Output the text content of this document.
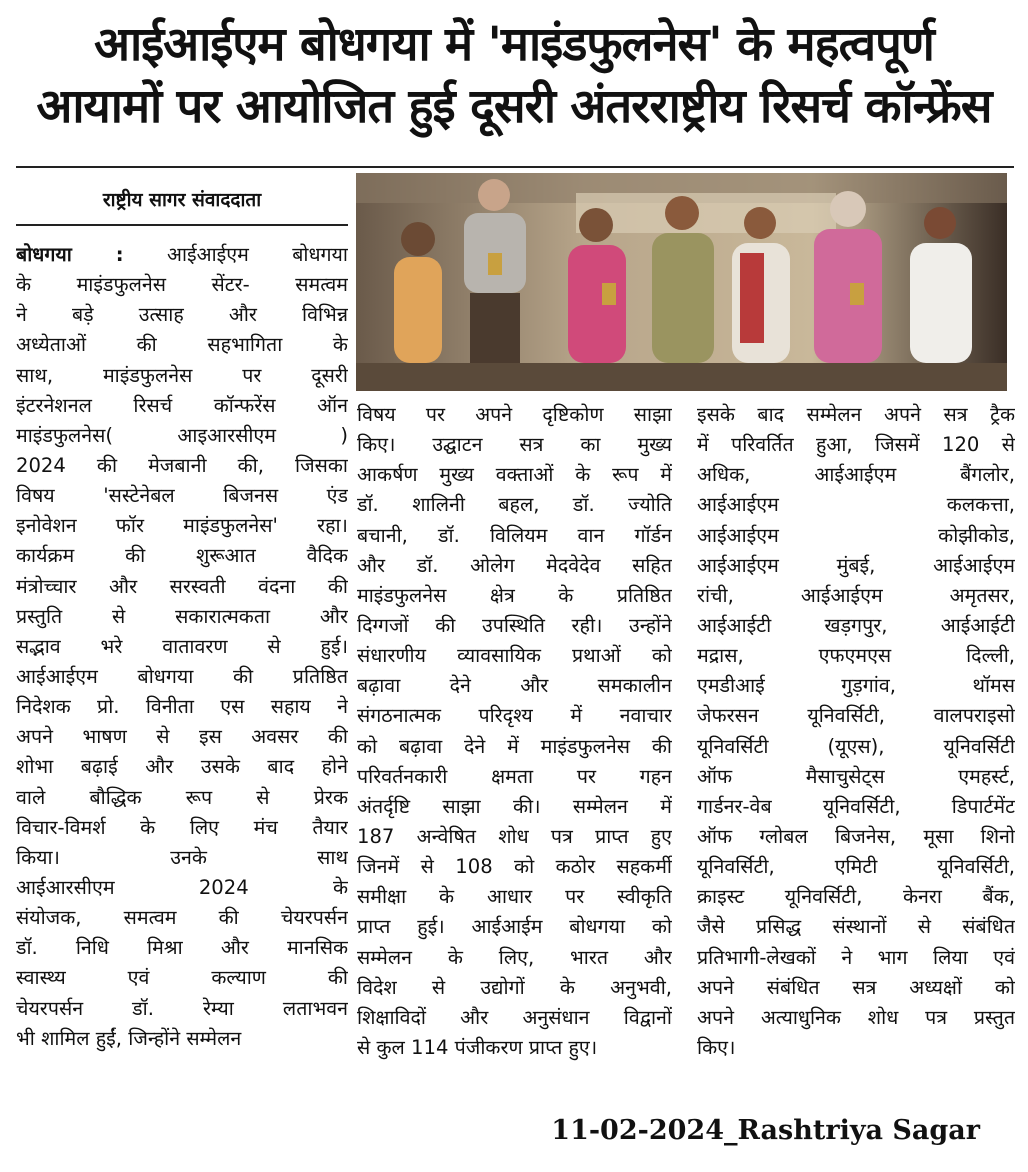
आईआईएम बोधगया में 'माइंडफुलनेस' के महत्वपूर्ण
आयामों पर आयोजित हुई दूसरी अंतरराष्ट्रीय रिसर्च कॉन्फ्रेंस
राष्ट्रीय सागर संवाददाता
बोधगया : आईआईएम बोधगया
के माइंडफुलनेस सेंटर- समत्वम
ने बड़े उत्साह और विभिन्न
अध्येताओं की सहभागिता के
साथ, माइंडफुलनेस पर दूसरी
इंटरनेशनल रिसर्च कॉन्फरेंस ऑन
माइंडफुलनेस( आइआरसीएम )
2024 की मेजबानी की, जिसका
विषय 'सस्टेनेबल बिजनस एंड
इनोवेशन फॉर माइंडफुलनेस' रहा।
कार्यक्रम की शुरूआत वैदिक
मंत्रोच्चार और सरस्वती वंदना की
प्रस्तुति से सकारात्मकता और
सद्भाव भरे वातावरण से हुई।
आईआईएम बोधगया की प्रतिष्ठित
निदेशक प्रो. विनीता एस सहाय ने
अपने भाषण से इस अवसर की
शोभा बढ़ाई और उसके बाद होने
वाले बौद्धिक रूप से प्रेरक
विचार-विमर्श के लिए मंच तैयार
किया। उनके साथ
आईआरसीएम 2024 के
संयोजक, समत्वम की चेयरपर्सन
डॉ. निधि मिश्रा और मानसिक
स्वास्थ्य एवं कल्याण की
चेयरपर्सन डॉ. रेम्या लताभवन
भी शामिल हुईं, जिन्होंने सम्मेलन
विषय पर अपने दृष्टिकोण साझा
किए। उद्घाटन सत्र का मुख्य
आकर्षण मुख्य वक्ताओं के रूप में
डॉ. शालिनी बहल, डॉ. ज्योति
बचानी, डॉ. विलियम वान गॉर्डन
और डॉ. ओलेग मेदवेदेव सहित
माइंडफुलनेस क्षेत्र के प्रतिष्ठित
दिग्गजों की उपस्थिति रही। उन्होंने
संधारणीय व्यावसायिक प्रथाओं को
बढ़ावा देने और समकालीन
संगठनात्मक परिदृश्य में नवाचार
को बढ़ावा देने में माइंडफुलनेस की
परिवर्तनकारी क्षमता पर गहन
अंतर्दृष्टि साझा की। सम्मेलन में
187 अन्वेषित शोध पत्र प्राप्त हुए
जिनमें से 108 को कठोर सहकर्मी
समीक्षा के आधार पर स्वीकृति
प्राप्त हुई। आईआईम बोधगया को
सम्मेलन के लिए, भारत और
विदेश से उद्योगों के अनुभवी,
शिक्षाविदों और अनुसंधान विद्वानों
से कुल 114 पंजीकरण प्राप्त हुए।
इसके बाद सम्मेलन अपने सत्र ट्रैक
में परिवर्तित हुआ, जिसमें 120 से
अधिक, आईआईएम बैंगलोर,
आईआईएम कलकत्ता,
आईआईएम कोझीकोड,
आईआईएम मुंबई, आईआईएम
रांची, आईआईएम अमृतसर,
आईआईटी खड़गपुर, आईआईटी
मद्रास, एफएमएस दिल्ली,
एमडीआई गुड़गांव, थॉमस
जेफरसन यूनिवर्सिटी, वालपराइसो
यूनिवर्सिटी (यूएस), यूनिवर्सिटी
ऑफ मैसाचुसेट्स एमहर्स्ट,
गार्डनर-वेब यूनिवर्सिटी, डिपार्टमेंट
ऑफ ग्लोबल बिजनेस, मूसा शिनो
यूनिवर्सिटी, एमिटी यूनिवर्सिटी,
क्राइस्ट यूनिवर्सिटी, केनरा बैंक,
जैसे प्रसिद्ध संस्थानों से संबंधित
प्रतिभागी-लेखकों ने भाग लिया एवं
अपने संबंधित सत्र अध्यक्षों को
अपने अत्याधुनिक शोध पत्र प्रस्तुत
किए।
11-02-2024_Rashtriya Sagar
